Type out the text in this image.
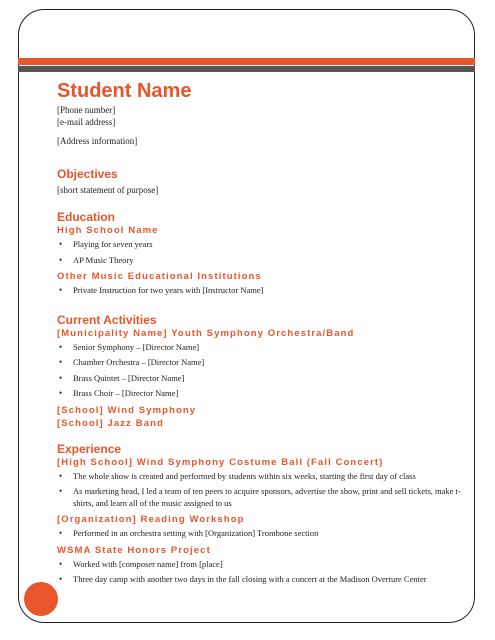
Student Name

[Phone number]

[e-mail address]

[Address information]

Objectives

[short statement of purpose]

Education
High School Name
• Playing for seven years
• AP Music Theory
Other Music Educational Institutions
• Private Instruction for two years with [Instructor Name]
Current Activities
[Municipality Name] Youth Symphony Orchestra/Band
• Senior Symphony – [Director Name]
• Chamber Orchestra – [Director Name]
• Brass Quintet – [Director Name]
• Brass Choir – [Director Name]
[School] Wind Symphony
[School] Jazz Band
Experience
[High School] Wind Symphony Costume Ball (Fall Concert)
• The whole show is created and performed by students within six weeks, starting the first day of class
• As marketing head, I led a team of ten peers to acquire sponsors, advertise the show, print and sell tickets, make t-shirts, and learn all of the music assigned to us
[Organization] Reading Workshop
• Performed in an orchestra setting with [Organization] Trombone section
WSMA State Honors Project
• Worked with [composer name] from [place]
• Three day camp with another two days in the fall closing with a concert at the Madison Overture Center
